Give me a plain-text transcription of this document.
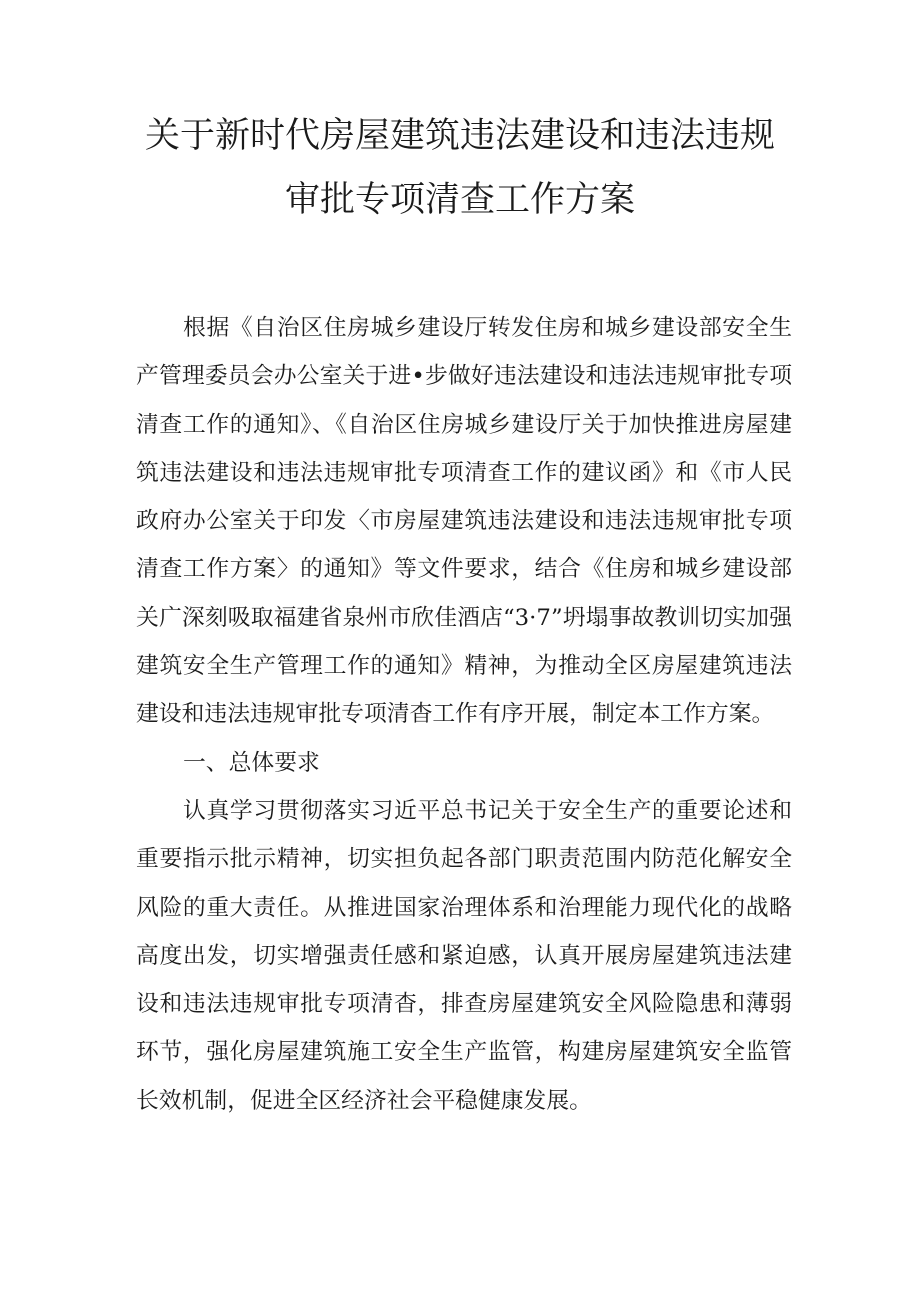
关于新时代房屋建筑违法建设和违法违规
审批专项清查工作方案

根据《自治区住房城乡建设厅转发住房和城乡建设部安全生产管理委员会办公室关于进•步做好违法建设和违法违规审批专项清查工作的通知》、《自治区住房城乡建设厅关于加快推进房屋建筑违法建设和违法违规审批专项清查工作的建议函》和《市人民政府办公室关于印发〈市房屋建筑违法建设和违法违规审批专项清查工作方案〉的通知》等文件要求，结合《住房和城乡建设部关广深刻吸取福建省泉州市欣佳酒店“3·7”坍塌事故教训切实加强建筑安全生产管理工作的通知》精神，为推动全区房屋建筑违法建设和违法违规审批专项清杳工作有序开展，制定本工作方案。

一、总体要求

认真学习贯彻落实习近平总书记关于安全生产的重要论述和重要指示批示精神，切实担负起各部门职责范围内防范化解安全风险的重大责任。从推进国家治理体系和治理能力现代化的战略高度出发，切实增强责任感和紧迫感，认真开展房屋建筑违法建设和违法违规审批专项清杳，排查房屋建筑安全风险隐患和薄弱环节，强化房屋建筑施工安全生产监管，构建房屋建筑安全监管长效机制，促进全区经济社会平稳健康发展。
